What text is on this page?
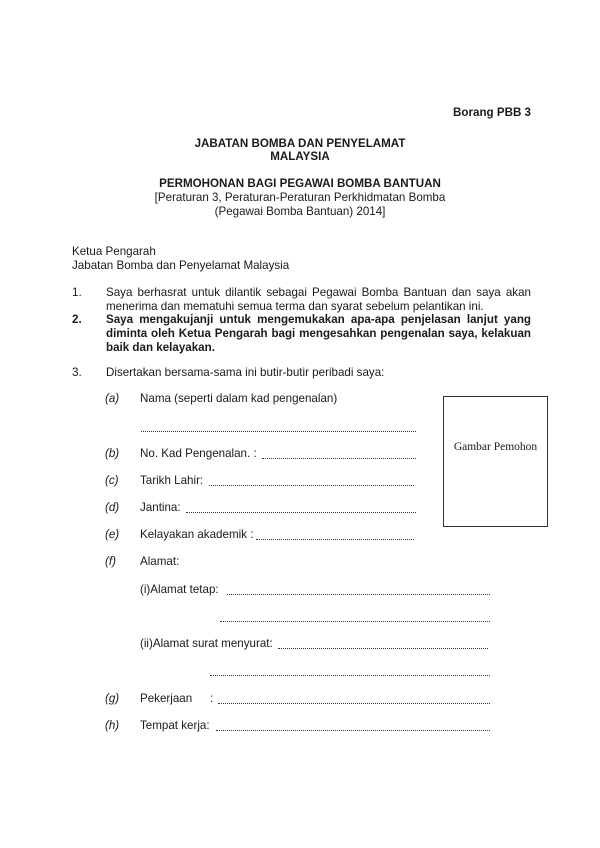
Borang PBB 3
JABATAN BOMBA DAN PENYELAMAT
MALAYSIA
PERMOHONAN BAGI PEGAWAI BOMBA BANTUAN
[Peraturan 3, Peraturan-Peraturan Perkhidmatan Bomba
(Pegawai Bomba Bantuan) 2014]
Ketua Pengarah
Jabatan Bomba dan Penyelamat Malaysia
1. Saya berhasrat untuk dilantik sebagai Pegawai Bomba Bantuan dan saya akan menerima dan mematuhi semua terma dan syarat sebelum pelantikan ini.
2. Saya mengakujanji untuk mengemukakan apa-apa penjelasan lanjut yang diminta oleh Ketua Pengarah bagi mengesahkan pengenalan saya, kelakuan baik dan kelayakan.
3. Disertakan bersama-sama ini butir-butir peribadi saya:
(a) Nama (seperti dalam kad pengenalan)
(b) No. Kad Pengenalan. :
(c) Tarikh Lahir:
(d) Jantina:
(e) Kelayakan akademik :
(f) Alamat:
(i)Alamat tetap:
(ii)Alamat surat menyurat:
(g) Pekerjaan :
(h) Tempat kerja:
Gambar Pemohon
